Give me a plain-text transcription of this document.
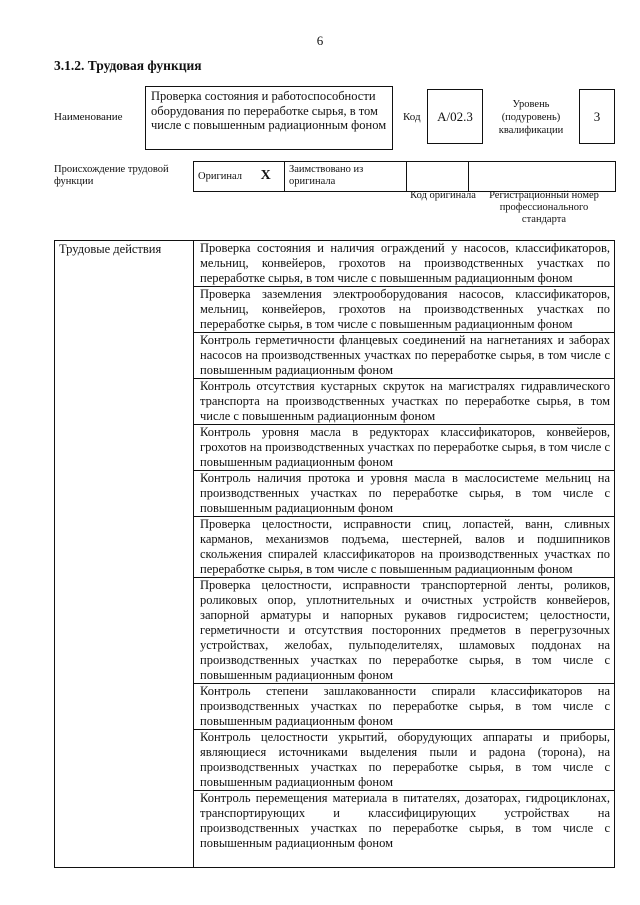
6
3.1.2. Трудовая функция
Наименование
Проверка состояния и работоспособности оборудования по переработке сырья, в том числе с повышенным радиационным фоном
Код А/02.3
Уровень (подуровень) квалификации
3
Происхождение трудовой функции	Оригинал X	Заимствовано из оригинала		
Код оригинала	Регистрационный номер профессионального стандарта
Трудовые действия	Проверка состояния и наличия ограждений у насосов, классификаторов, мельниц, конвейеров, грохотов на производственных участках по переработке сырья, в том числе с повышенным радиационным фоном
Проверка заземления электрооборудования насосов, классификаторов, мельниц, конвейеров, грохотов на производственных участках по переработке сырья, в том числе с повышенным радиационным фоном
Контроль герметичности фланцевых соединений на нагнетаниях и заборах насосов на производственных участках по переработке сырья, в том числе с повышенным радиационным фоном
Контроль отсутствия кустарных скруток на магистралях гидравлического транспорта на производственных участках по переработке сырья, в том числе с повышенным радиационным фоном
Контроль уровня масла в редукторах классификаторов, конвейеров, грохотов на производственных участках по переработке сырья, в том числе с повышенным радиационным фоном
Контроль наличия протока и уровня масла в маслосистеме мельниц на производственных участках по переработке сырья, в том числе с повышенным радиационным фоном
Проверка целостности, исправности спиц, лопастей, ванн, сливных карманов, механизмов подъема, шестерней, валов и подшипников скольжения спиралей классификаторов на производственных участках по переработке сырья, в том числе с повышенным радиационным фоном
Проверка целостности, исправности транспортерной ленты, роликов, роликовых опор, уплотнительных и очистных устройств конвейеров, запорной арматуры и напорных рукавов гидросистем; целостности, герметичности и отсутствия посторонних предметов в перегрузочных устройствах, желобах, пульподелителях, шламовых поддонах на производственных участках по переработке сырья, в том числе с повышенным радиационным фоном
Контроль степени зашлакованности спирали классификаторов на производственных участках по переработке сырья, в том числе с повышенным радиационным фоном
Контроль целостности укрытий, оборудующих аппараты и приборы, являющиеся источниками выделения пыли и радона (торона), на производственных участках по переработке сырья, в том числе с повышенным радиационным фоном
Контроль перемещения материала в питателях, дозаторах, гидроциклонах, транспортирующих и классифицирующих устройствах на производственных участках по переработке сырья, в том числе с повышенным радиационным фоном
